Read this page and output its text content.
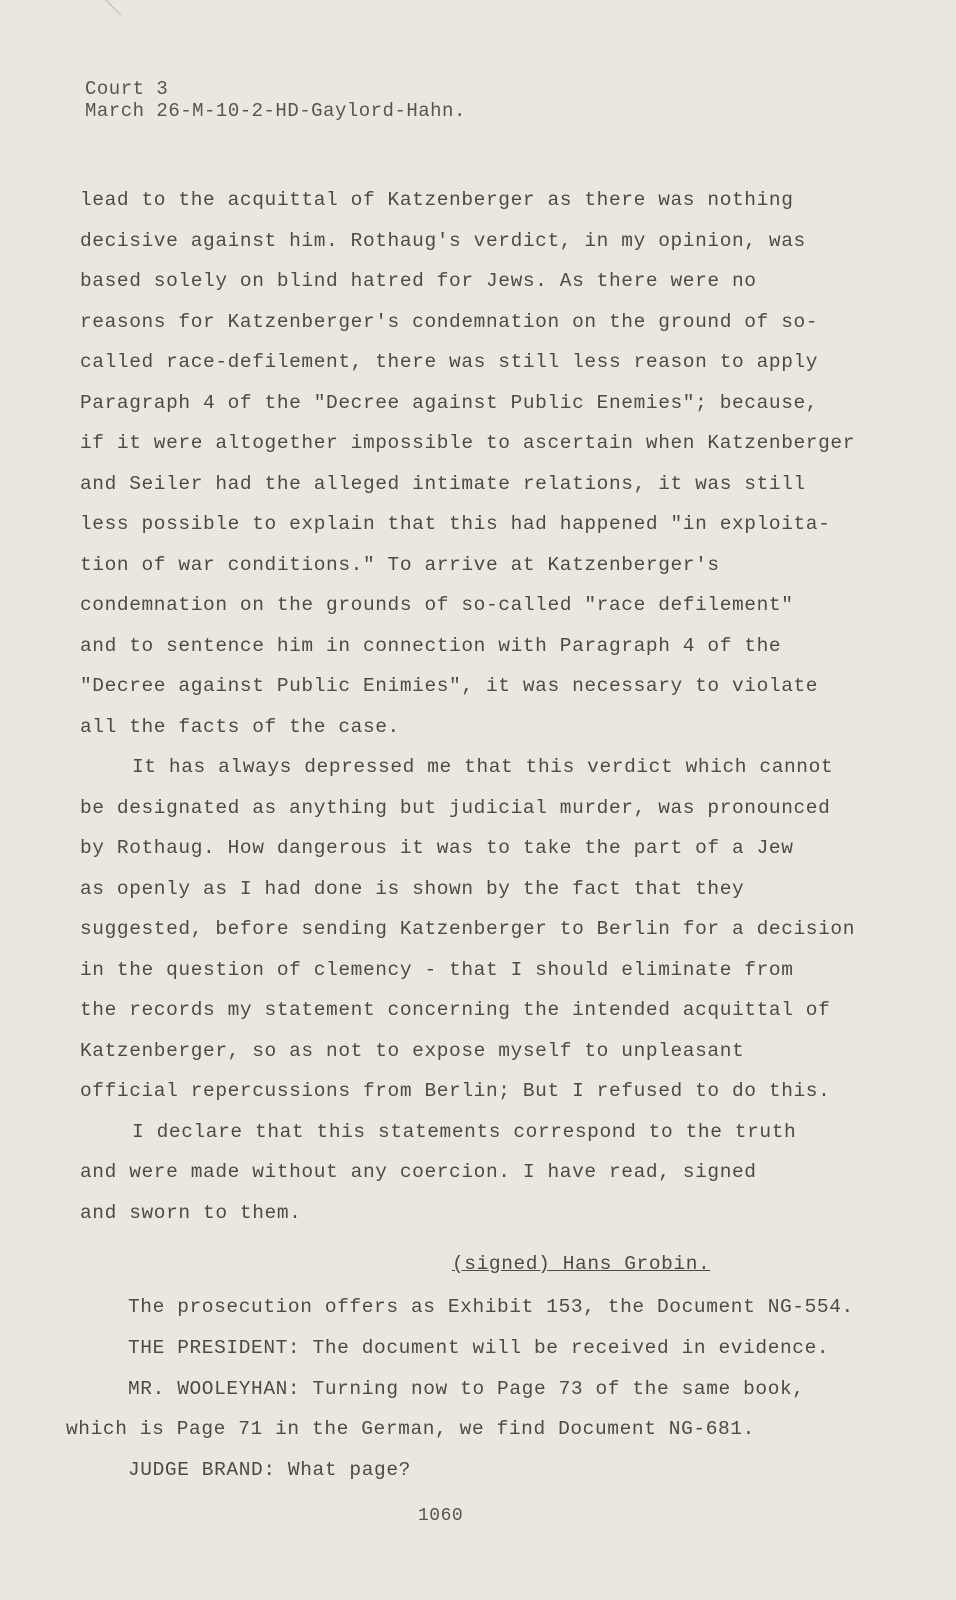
Court 3
March 26-M-10-2-HD-Gaylord-Hahn.
lead to the acquittal of Katzenberger as there was nothing
decisive against him. Rothaug's verdict, in my opinion, was
based solely on blind hatred for Jews. As there were no
reasons for Katzenberger's condemnation on the ground of so-
called race-defilement, there was still less reason to apply
Paragraph 4 of the "Decree against Public Enemies"; because,
if it were altogether impossible to ascertain when Katzenberger
and Seiler had the alleged intimate relations, it was still
less possible to explain that this had happened "in exploita-
tion of war conditions." To arrive at Katzenberger's
condemnation on the grounds of so-called "race defilement"
and to sentence him in connection with Paragraph 4 of the
"Decree against Public Enimies", it was necessary to violate
all the facts of the case.
It has always depressed me that this verdict which cannot
be designated as anything but judicial murder, was pronounced
by Rothaug. How dangerous it was to take the part of a Jew
as openly as I had done is shown by the fact that they
suggested, before sending Katzenberger to Berlin for a decision
in the question of clemency - that I should eliminate from
the records my statement concerning the intended acquittal of
Katzenberger, so as not to expose myself to unpleasant
official repercussions from Berlin; But I refused to do this.
I declare that this statements correspond to the truth
and were made without any coercion. I have read, signed
and sworn to them.
(signed) Hans Grobin.
The prosecution offers as Exhibit 153, the Document NG-554.
THE PRESIDENT: The document will be received in evidence.
MR. WOOLEYHAN: Turning now to Page 73 of the same book,
which is Page 71 in the German, we find Document NG-681.
JUDGE BRAND: What page?
1060
